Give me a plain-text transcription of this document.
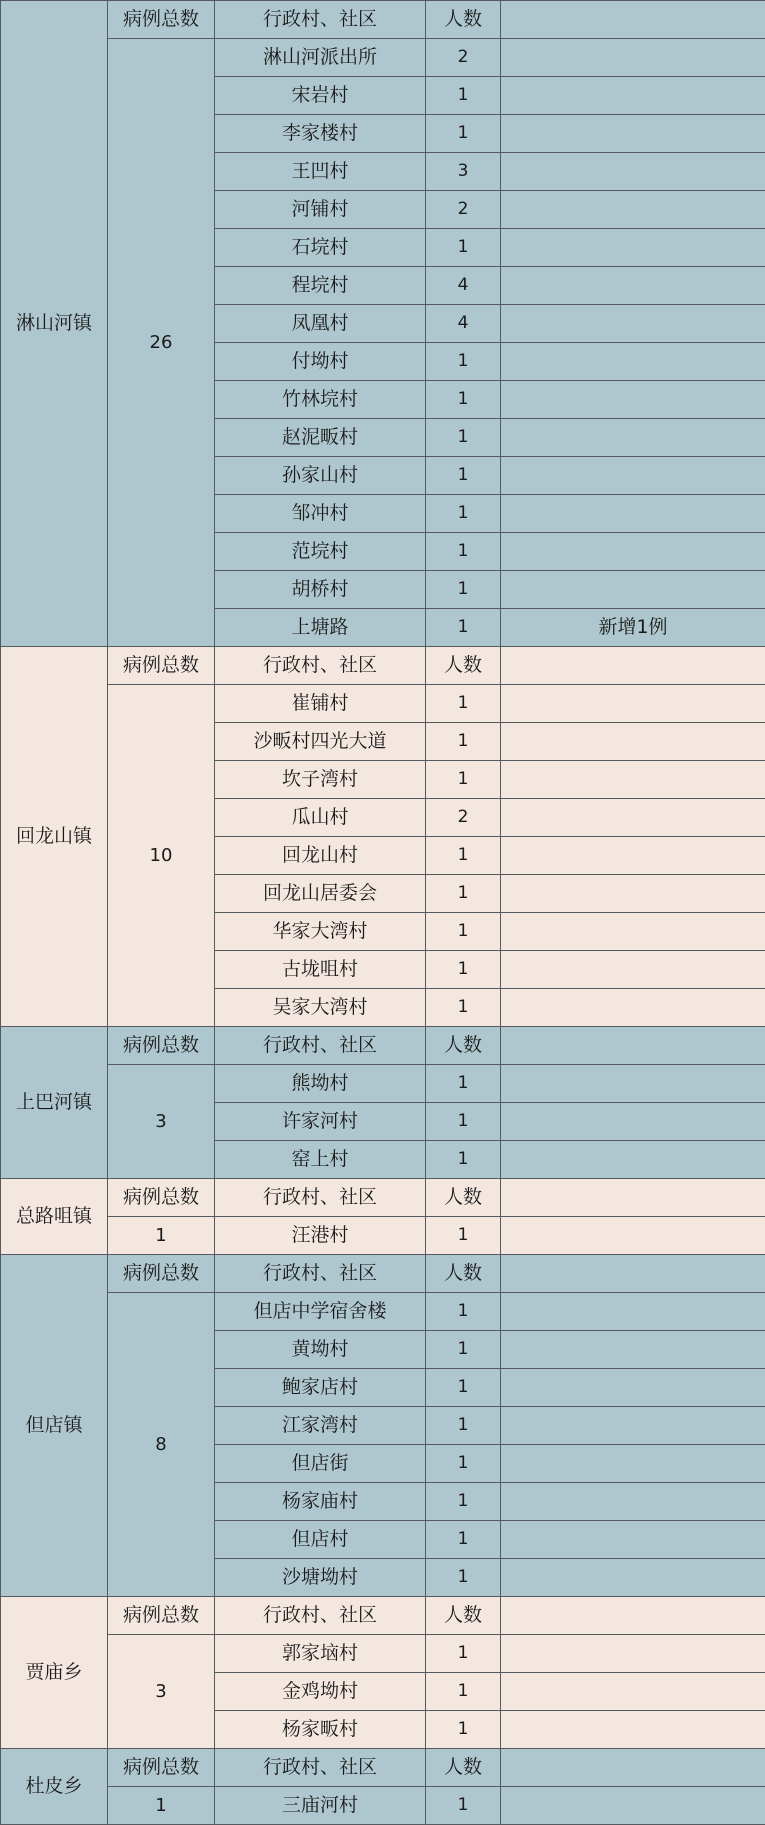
淋山河镇	病例总数	行政村、社区	人数	
	26	淋山河派出所	2	
		宋岩村	1	
		李家楼村	1	
		王凹村	3	
		河铺村	2	
		石垸村	1	
		程垸村	4	
		凤凰村	4	
		付坳村	1	
		竹林垸村	1	
		赵泥畈村	1	
		孙家山村	1	
		邹冲村	1	
		范垸村	1	
		胡桥村	1	
		上塘路	1	新增1例
回龙山镇	病例总数	行政村、社区	人数	
	10	崔铺村	1	
		沙畈村四光大道	1	
		坎子湾村	1	
		瓜山村	2	
		回龙山村	1	
		回龙山居委会	1	
		华家大湾村	1	
		古垅咀村	1	
		吴家大湾村	1	
上巴河镇	病例总数	行政村、社区	人数	
	3	熊坳村	1	
		许家河村	1	
		窑上村	1	
总路咀镇	病例总数	行政村、社区	人数	
	1	汪港村	1	
但店镇	病例总数	行政村、社区	人数	
	8	但店中学宿舍楼	1	
		黄坳村	1	
		鲍家店村	1	
		江家湾村	1	
		但店街	1	
		杨家庙村	1	
		但店村	1	
		沙塘坳村	1	
贾庙乡	病例总数	行政村、社区	人数	
	3	郭家垴村	1	
		金鸡坳村	1	
		杨家畈村	1	
杜皮乡	病例总数	行政村、社区	人数	
	1	三庙河村	1	
